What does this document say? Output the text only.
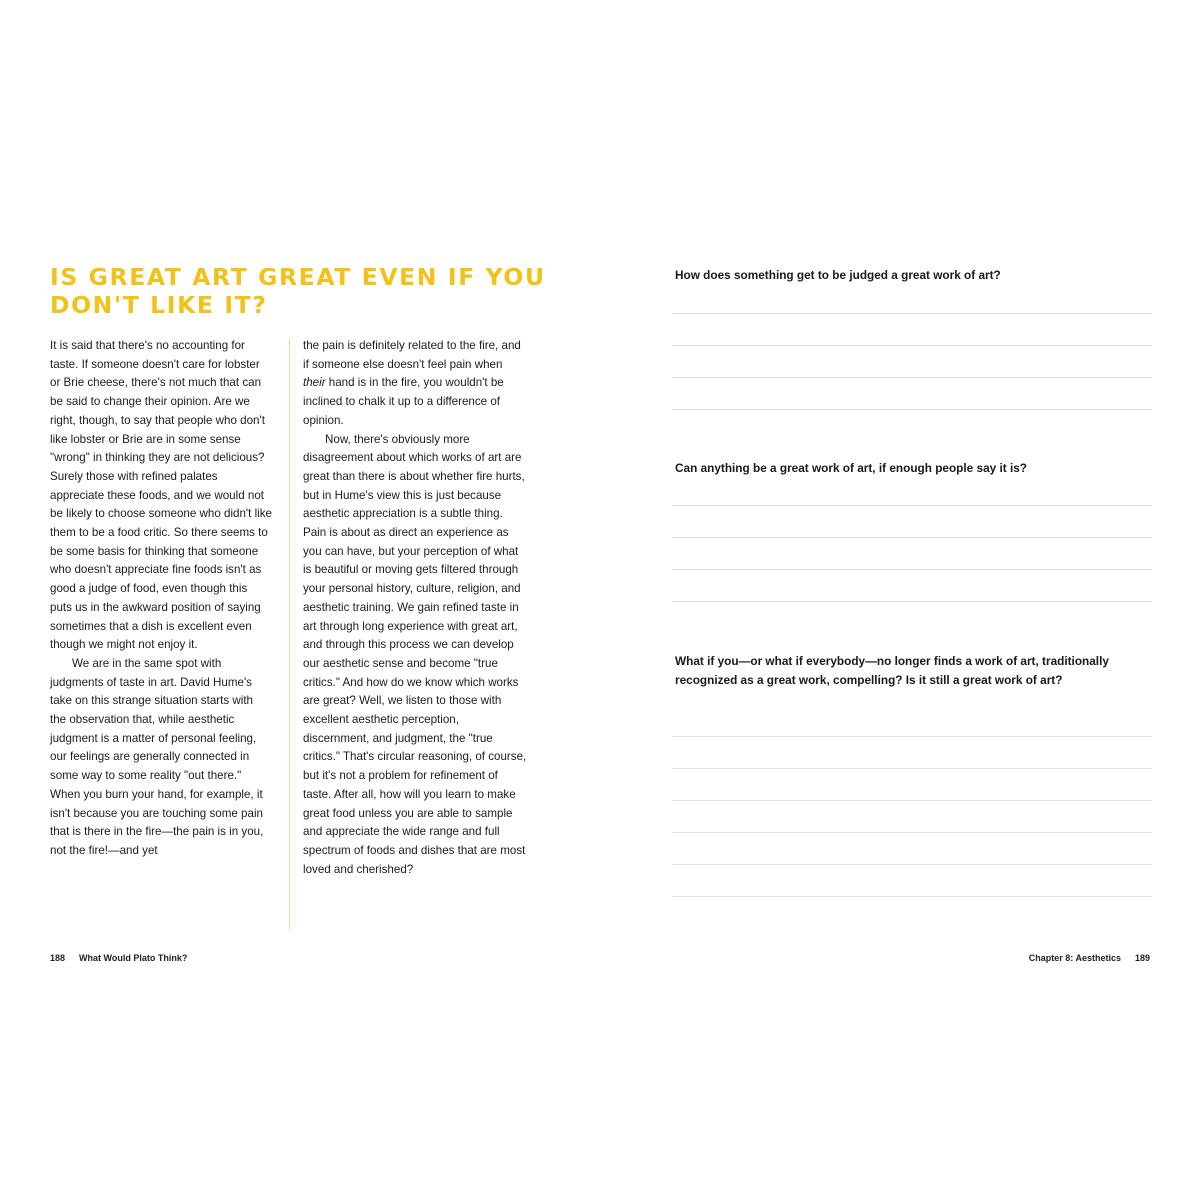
IS GREAT ART GREAT EVEN IF YOU
DON'T LIKE IT?

It is said that there's no accounting for taste. If someone doesn't care for lobster or Brie cheese, there's not much that can be said to change their opinion. Are we right, though, to say that people who don't like lobster or Brie are in some sense "wrong" in thinking they are not delicious? Surely those with refined palates appreciate these foods, and we would not be likely to choose someone who didn't like them to be a food critic. So there seems to be some basis for thinking that someone who doesn't appreciate fine foods isn't as good a judge of food, even though this puts us in the awkward position of saying sometimes that a dish is excellent even though we might not enjoy it.

We are in the same spot with judgments of taste in art. David Hume's take on this strange situation starts with the observation that, while aesthetic judgment is a matter of personal feeling, our feelings are generally connected in some way to some reality "out there." When you burn your hand, for example, it isn't because you are touching some pain that is there in the fire—the pain is in you, not the fire!—and yet

the pain is definitely related to the fire, and if someone else doesn't feel pain when their hand is in the fire, you wouldn't be inclined to chalk it up to a difference of opinion.

Now, there's obviously more disagreement about which works of art are great than there is about whether fire hurts, but in Hume's view this is just because aesthetic appreciation is a subtle thing. Pain is about as direct an experience as you can have, but your perception of what is beautiful or moving gets filtered through your personal history, culture, religion, and aesthetic training. We gain refined taste in art through long experience with great art, and through this process we can develop our aesthetic sense and become "true critics." And how do we know which works are great? Well, we listen to those with excellent aesthetic perception, discernment, and judgment, the "true critics." That's circular reasoning, of course, but it's not a problem for refinement of taste. After all, how will you learn to make great food unless you are able to sample and appreciate the wide range and full spectrum of foods and dishes that are most loved and cherished?

188 What Would Plato Think?

How does something get to be judged a great work of art?

Can anything be a great work of art, if enough people say it is?

What if you—or what if everybody—no longer finds a work of art, traditionally recognized as a great work, compelling? Is it still a great work of art?

Chapter 8: Aesthetics 189
